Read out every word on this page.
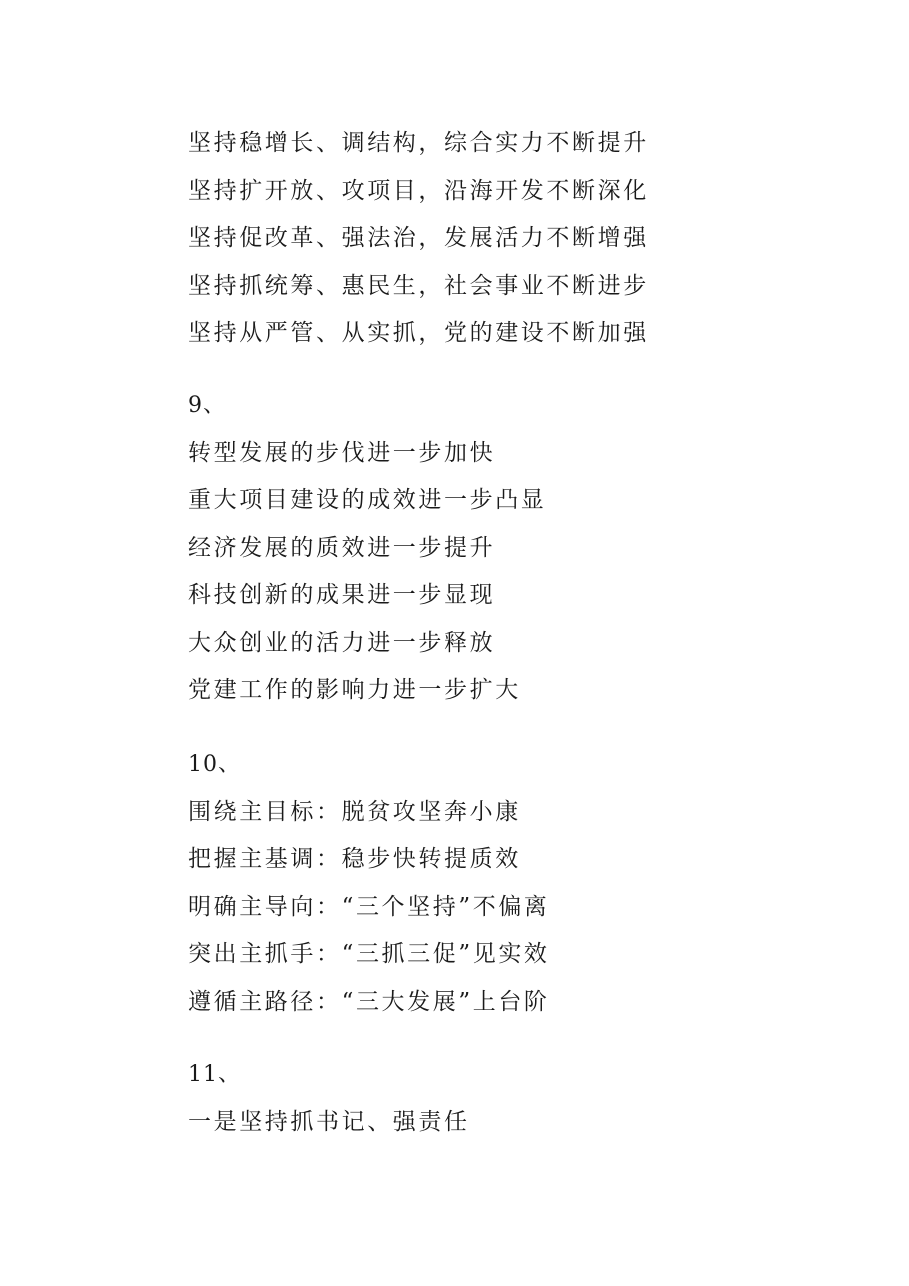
坚持稳增长、调结构，综合实力不断提升
坚持扩开放、攻项目，沿海开发不断深化
坚持促改革、强法治，发展活力不断增强
坚持抓统筹、惠民生，社会事业不断进步
坚持从严管、从实抓，党的建设不断加强
9、
转型发展的步伐进一步加快
重大项目建设的成效进一步凸显
经济发展的质效进一步提升
科技创新的成果进一步显现
大众创业的活力进一步释放
党建工作的影响力进一步扩大
10、
围绕主目标：脱贫攻坚奔小康
把握主基调：稳步快转提质效
明确主导向：“三个坚持”不偏离
突出主抓手：“三抓三促”见实效
遵循主路径：“三大发展”上台阶
11、
一是坚持抓书记、强责任
